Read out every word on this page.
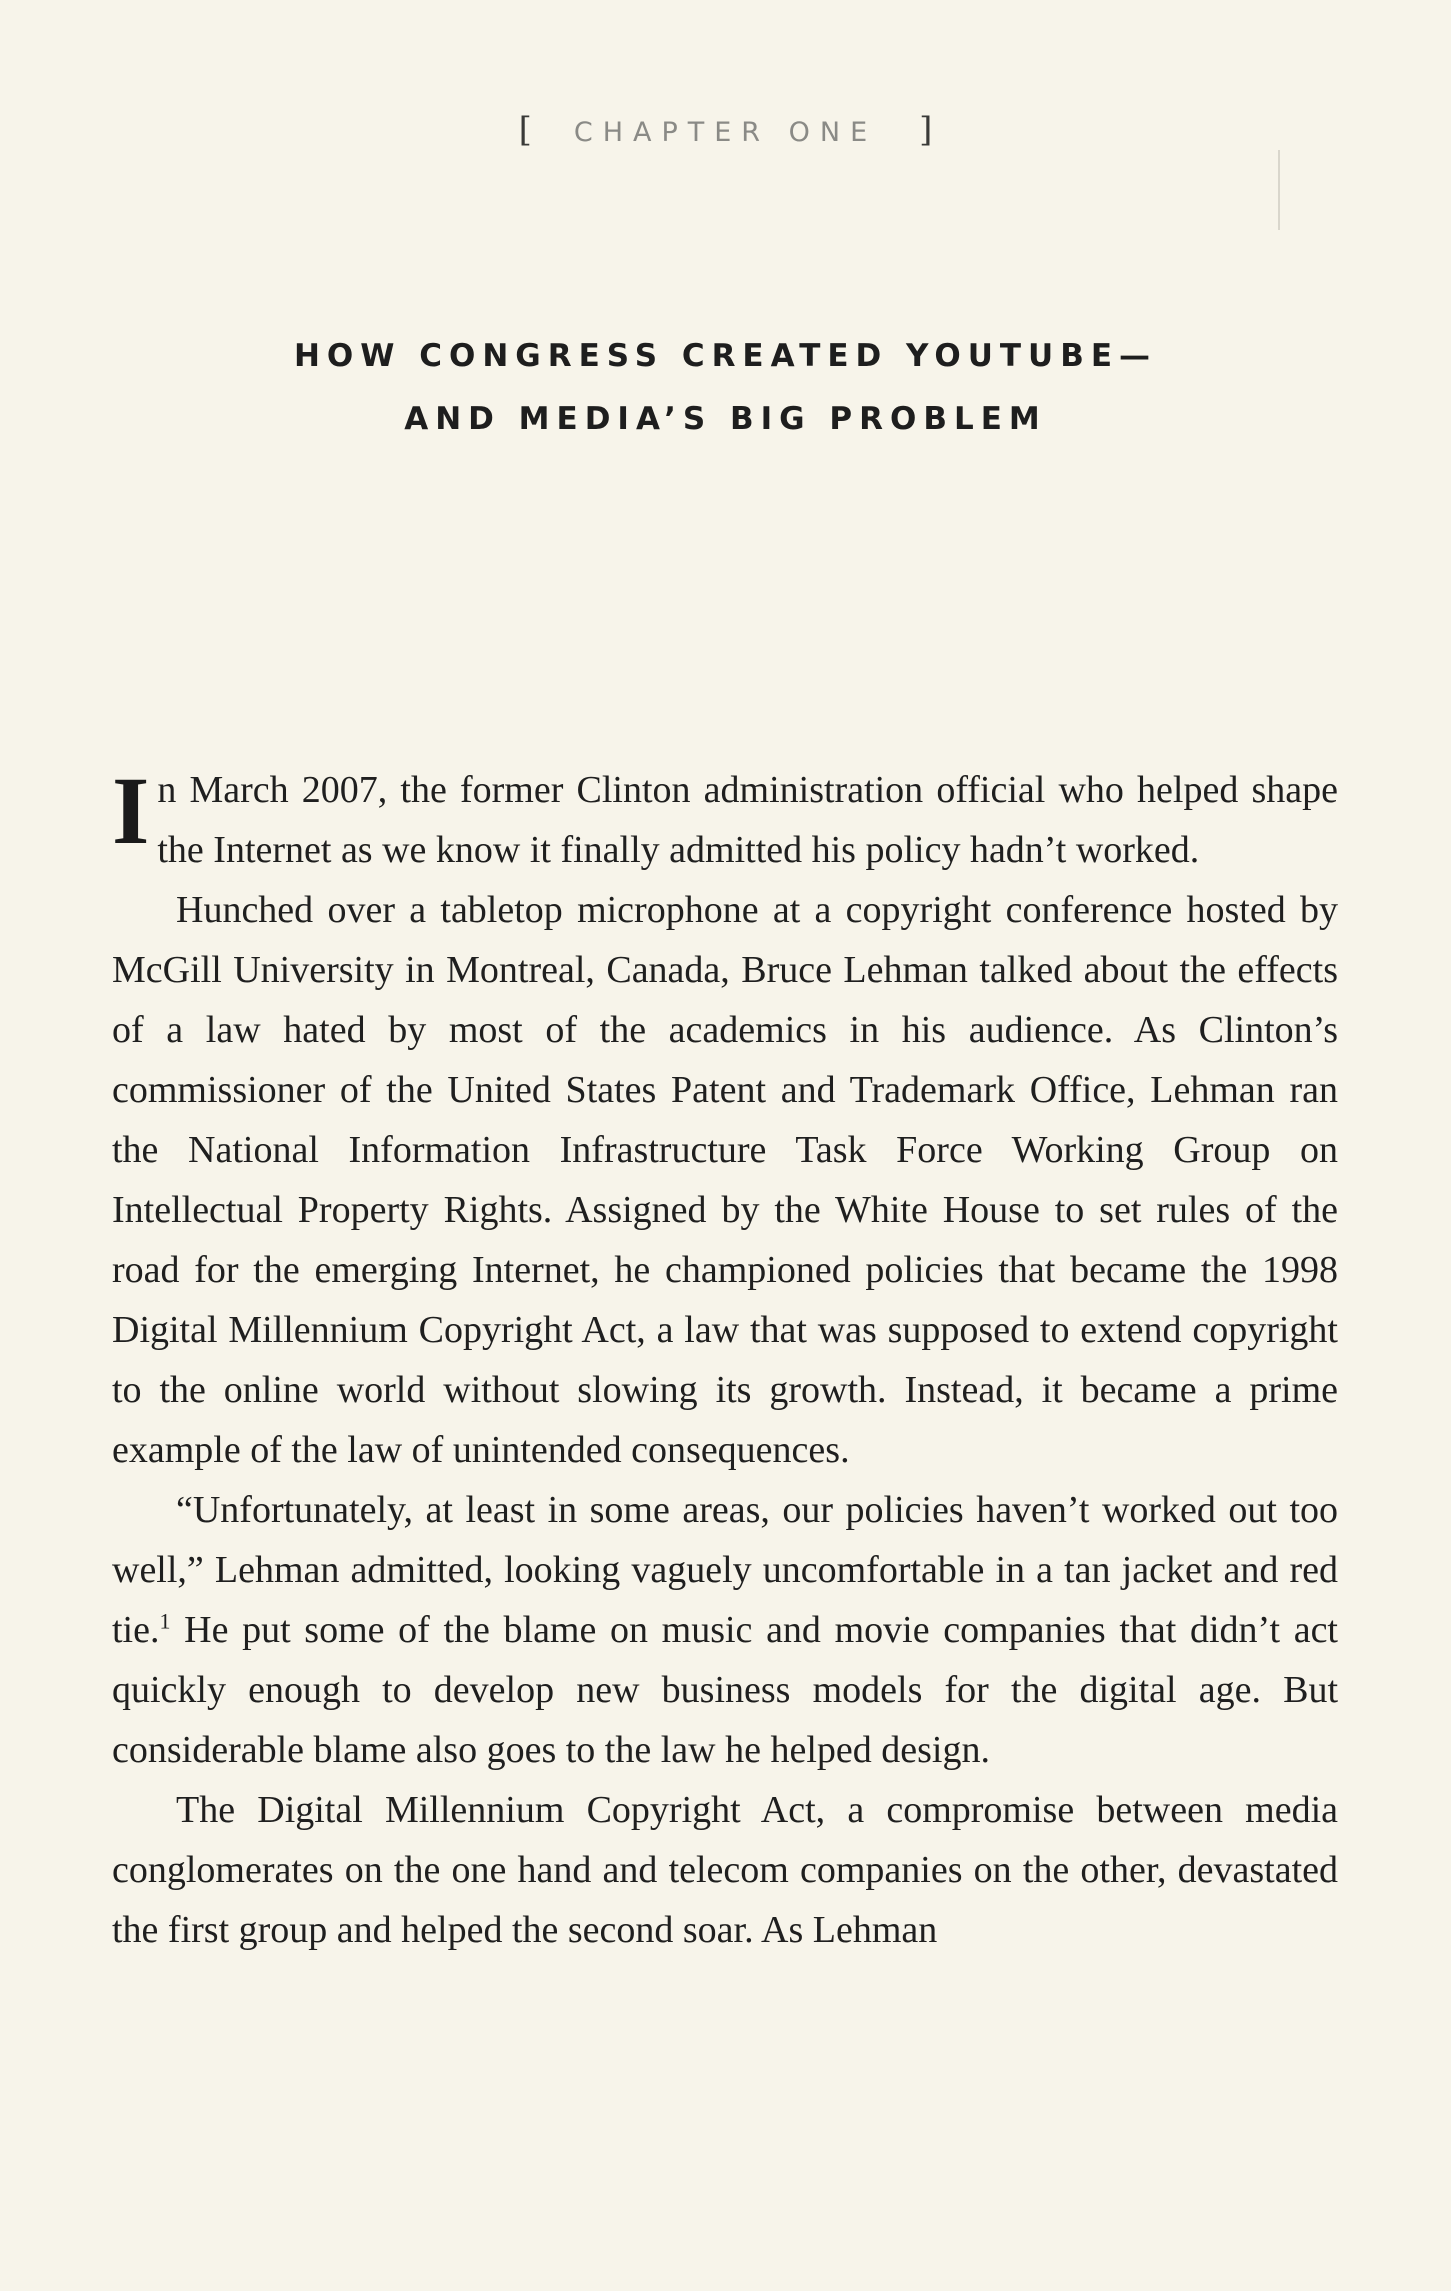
[ CHAPTER ONE ]
HOW CONGRESS CREATED YOUTUBE—
AND MEDIA’S BIG PROBLEM

In March 2007, the former Clinton administration official who helped shape the Internet as we know it finally admitted his policy hadn’t worked.

Hunched over a tabletop microphone at a copyright conference hosted by McGill University in Montreal, Canada, Bruce Lehman talked about the effects of a law hated by most of the academics in his audience. As Clinton’s commissioner of the United States Patent and Trademark Office, Lehman ran the National Information Infrastructure Task Force Working Group on Intellectual Property Rights. Assigned by the White House to set rules of the road for the emerging Internet, he championed policies that became the 1998 Digital Millennium Copyright Act, a law that was supposed to extend copyright to the online world without slowing its growth. Instead, it became a prime example of the law of unintended consequences.

“Unfortunately, at least in some areas, our policies haven’t worked out too well,” Lehman admitted, looking vaguely uncomfortable in a tan jacket and red tie.$^1$ He put some of the blame on music and movie companies that didn’t act quickly enough to develop new business models for the digital age. But considerable blame also goes to the law he helped design.

The Digital Millennium Copyright Act, a compromise between media conglomerates on the one hand and telecom companies on the other, devastated the first group and helped the second soar. As Lehman
